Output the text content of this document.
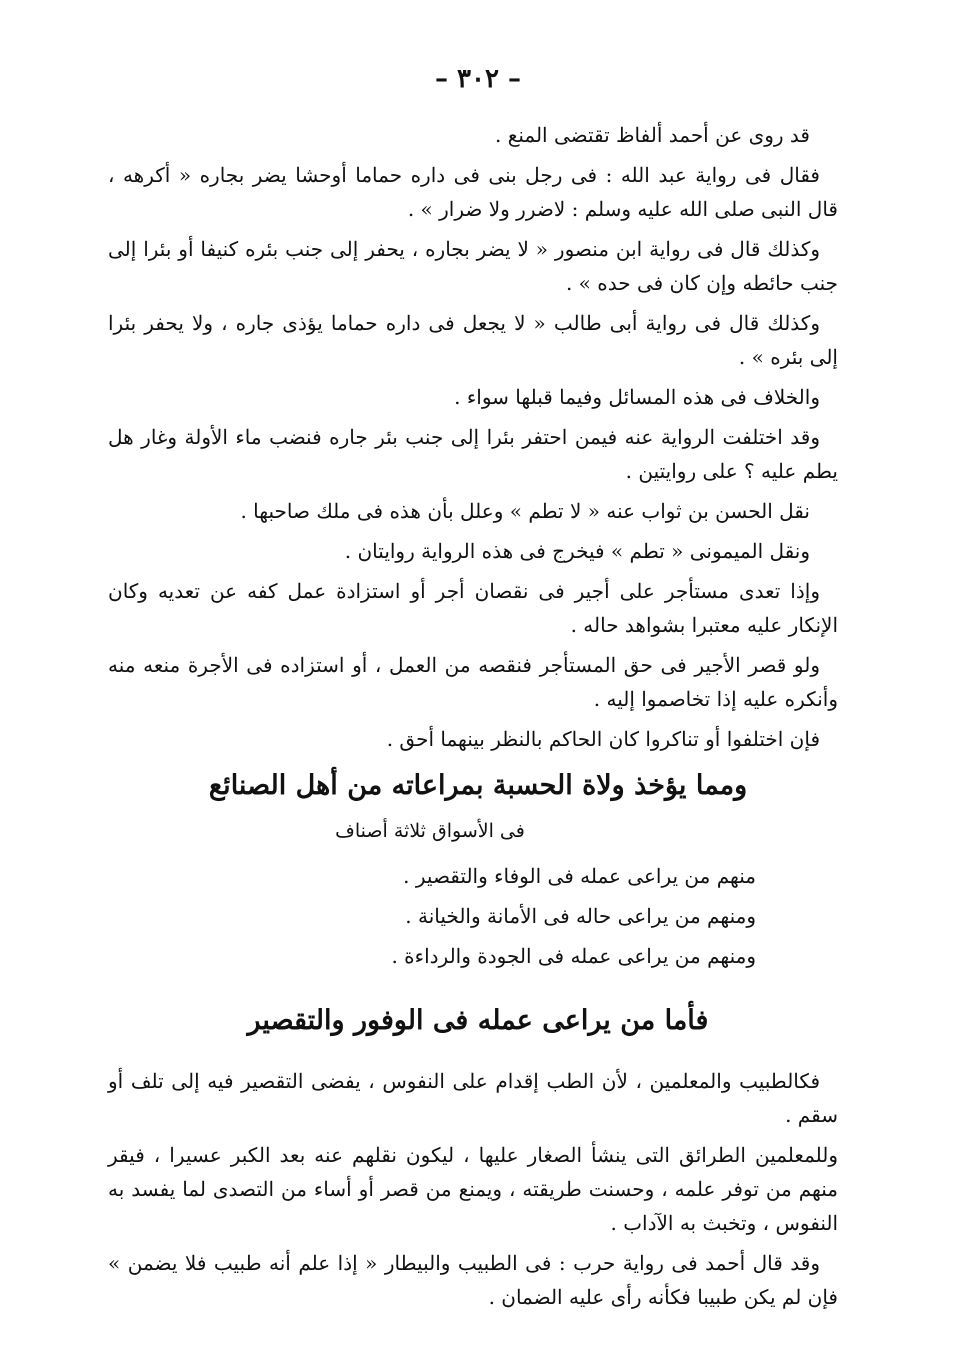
– ٣٠٢ –

قد روى عن أحمد ألفاظ تقتضى المنع .

فقال فى رواية عبد الله : فى رجل بنى فى داره حماما أوحشا يضر بجاره « أكرهه ، قال النبى صلى الله عليه وسلم : لاضرر ولا ضرار » .

وكذلك قال فى رواية ابن منصور « لا يضر بجاره ، يحفر إلى جنب بئره كنيفا أو بئرا إلى جنب حائطه وإن كان فى حده » .

وكذلك قال فى رواية أبى طالب « لا يجعل فى داره حماما يؤذى جاره ، ولا يحفر بئرا إلى بئره » .

والخلاف فى هذه المسائل وفيما قبلها سواء .

وقد اختلفت الرواية عنه فيمن احتفر بئرا إلى جنب بئر جاره فنضب ماء الأولة وغار هل يطم عليه ؟ على روايتين .

نقل الحسن بن ثواب عنه « لا تطم » وعلل بأن هذه فى ملك صاحبها .

ونقل الميمونى « تطم » فيخرج فى هذه الرواية روايتان .

وإذا تعدى مستأجر على أجير فى نقصان أجر أو استزادة عمل كفه عن تعديه وكان الإنكار عليه معتبرا بشواهد حاله .

ولو قصر الأجير فى حق المستأجر فنقصه من العمل ، أو استزاده فى الأجرة منعه منه وأنكره عليه إذا تخاصموا إليه .

فإن اختلفوا أو تناكروا كان الحاكم بالنظر بينهما أحق .

ومما يؤخذ ولاة الحسبة بمراعاته من أهل الصنائع
فى الأسواق ثلاثة أصناف
منهم من يراعى عمله فى الوفاء والتقصير .
ومنهم من يراعى حاله فى الأمانة والخيانة .
ومنهم من يراعى عمله فى الجودة والرداءة .
فأما من يراعى عمله فى الوفور والتقصير

فكالطبيب والمعلمين ، لأن الطب إقدام على النفوس ، يفضى التقصير فيه إلى تلف أو سقم .

وللمعلمين الطرائق التى ينشأ الصغار عليها ، ليكون نقلهم عنه بعد الكبر عسيرا ، فيقر منهم من توفر علمه ، وحسنت طريقته ، ويمنع من قصر أو أساء من التصدى لما يفسد به النفوس ، وتخبث به الآداب .

وقد قال أحمد فى رواية حرب : فى الطبيب والبيطار « إذا علم أنه طبيب فلا يضمن » فإن لم يكن طبيبا فكأنه رأى عليه الضمان .
